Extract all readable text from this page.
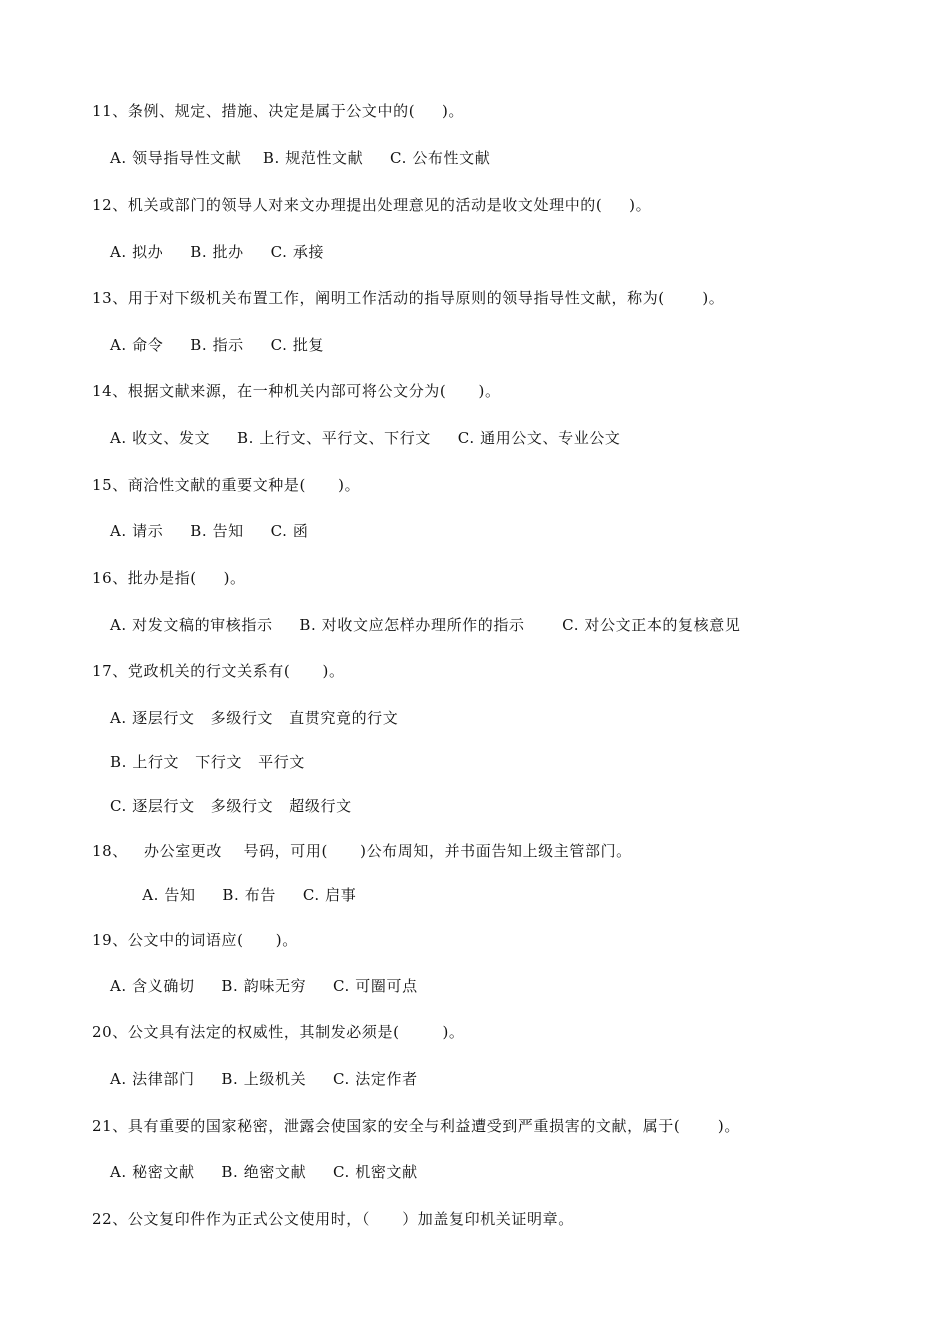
11、条例、规定、措施、决定是属于公文中的(     )。
A. 领导指导性文献    B. 规范性文献     C. 公布性文献
12、机关或部门的领导人对来文办理提出处理意见的活动是收文处理中的(     )。
A. 拟办     B. 批办     C. 承接
13、用于对下级机关布置工作，阐明工作活动的指导原则的领导指导性文献，称为(       )。
A. 命令     B. 指示     C. 批复
14、根据文献来源，在一种机关内部可将公文分为(      )。
A. 收文、发文     B. 上行文、平行文、下行文     C. 通用公文、专业公文
15、商洽性文献的重要文种是(      )。
A. 请示     B. 告知     C. 函
16、批办是指(     )。
A. 对发文稿的审核指示     B. 对收文应怎样办理所作的指示       C. 对公文正本的复核意见
17、党政机关的行文关系有(      )。
A. 逐层行文   多级行文   直贯究竟的行文
B. 上行文   下行文   平行文
C. 逐层行文   多级行文   超级行文
18、   办公室更改    号码，可用(      )公布周知，并书面告知上级主管部门。
A. 告知     B. 布告     C. 启事
19、公文中的词语应(      )。
A. 含义确切     B. 韵味无穷     C. 可圈可点
20、公文具有法定的权威性，其制发必须是(        )。
A. 法律部门     B. 上级机关     C. 法定作者
21、具有重要的国家秘密，泄露会使国家的安全与利益遭受到严重损害的文献，属于(       )。
A. 秘密文献     B. 绝密文献     C. 机密文献
22、公文复印件作为正式公文使用时，（      ）加盖复印机关证明章。
